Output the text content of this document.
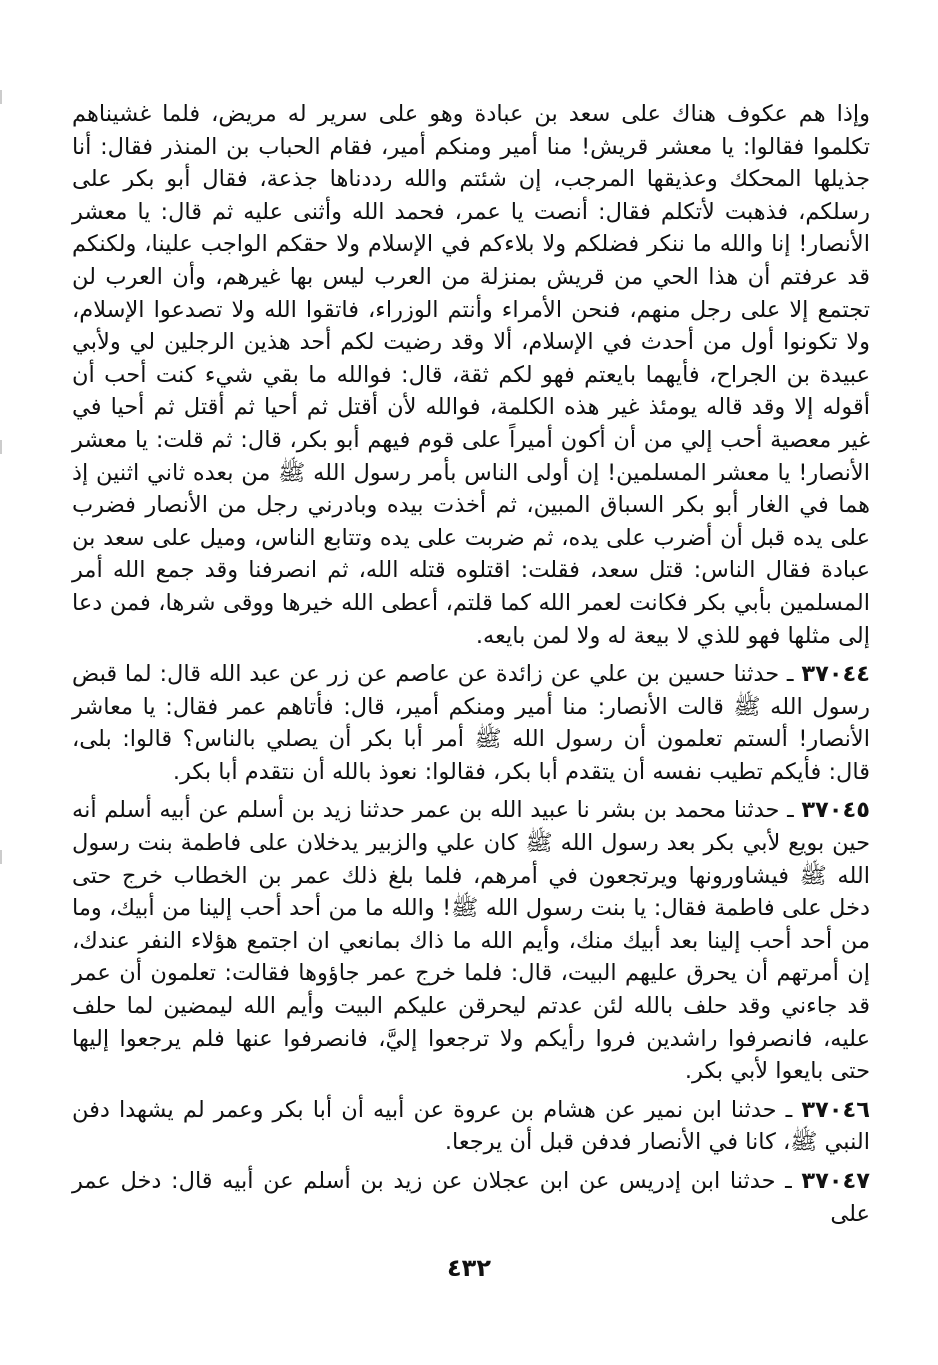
وإذا هم عكوف هناك على سعد بن عبادة وهو على سرير له مريض، فلما غشيناهم تكلموا فقالوا: يا معشر قريش! منا أمير ومنكم أمير، فقام الحباب بن المنذر فقال: أنا جذيلها المحكك وعذيقها المرجب، إن شئتم والله رددناها جذعة، فقال أبو بكر على رسلكم، فذهبت لأتكلم فقال: أنصت يا عمر، فحمد الله وأثنى عليه ثم قال: يا معشر الأنصار! إنا والله ما ننكر فضلكم ولا بلاءكم في الإسلام ولا حقكم الواجب علينا، ولكنكم قد عرفتم أن هذا الحي من قريش بمنزلة من العرب ليس بها غيرهم، وأن العرب لن تجتمع إلا على رجل منهم، فنحن الأمراء وأنتم الوزراء، فاتقوا الله ولا تصدعوا الإسلام، ولا تكونوا أول من أحدث في الإسلام، ألا وقد رضيت لكم أحد هذين الرجلين لي ولأبي عبيدة بن الجراح، فأيهما بايعتم فهو لكم ثقة، قال: فوالله ما بقي شيء كنت أحب أن أقوله إلا وقد قاله يومئذ غير هذه الكلمة، فوالله لأن أقتل ثم أحيا ثم أقتل ثم أحيا في غير معصية أحب إلي من أن أكون أميراً على قوم فيهم أبو بكر، قال: ثم قلت: يا معشر الأنصار! يا معشر المسلمين! إن أولى الناس بأمر رسول الله ﷺ من بعده ثاني اثنين إذ هما في الغار أبو بكر السباق المبين، ثم أخذت بيده وبادرني رجل من الأنصار فضرب على يده قبل أن أضرب على يده، ثم ضربت على يده وتتابع الناس، وميل على سعد بن عبادة فقال الناس: قتل سعد، فقلت: اقتلوه قتله الله، ثم انصرفنا وقد جمع الله أمر المسلمين بأبي بكر فكانت لعمر الله كما قلتم، أعطى الله خيرها ووقى شرها، فمن دعا إلى مثلها فهو للذي لا بيعة له ولا لمن بايعه.

٣٧٠٤٤ ـ حدثنا حسين بن علي عن زائدة عن عاصم عن زر عن عبد الله قال: لما قبض رسول الله ﷺ قالت الأنصار: منا أمير ومنكم أمير، قال: فأتاهم عمر فقال: يا معاشر الأنصار! ألستم تعلمون أن رسول الله ﷺ أمر أبا بكر أن يصلي بالناس؟ قالوا: بلى، قال: فأيكم تطيب نفسه أن يتقدم أبا بكر، فقالوا: نعوذ بالله أن نتقدم أبا بكر.

٣٧٠٤٥ ـ حدثنا محمد بن بشر نا عبيد الله بن عمر حدثنا زيد بن أسلم عن أبيه أسلم أنه حين بويع لأبي بكر بعد رسول الله ﷺ كان علي والزبير يدخلان على فاطمة بنت رسول الله ﷺ فيشاورونها ويرتجعون في أمرهم، فلما بلغ ذلك عمر بن الخطاب خرج حتى دخل على فاطمة فقال: يا بنت رسول الله ﷺ! والله ما من أحد أحب إلينا من أبيك، وما من أحد أحب إلينا بعد أبيك منك، وأيم الله ما ذاك بمانعي ان اجتمع هؤلاء النفر عندك، إن أمرتهم أن يحرق عليهم البيت، قال: فلما خرج عمر جاؤوها فقالت: تعلمون أن عمر قد جاءني وقد حلف بالله لئن عدتم ليحرقن عليكم البيت وأيم الله ليمضين لما حلف عليه، فانصرفوا راشدين فروا رأيكم ولا ترجعوا إليَّ، فانصرفوا عنها فلم يرجعوا إليها حتى بايعوا لأبي بكر.

٣٧٠٤٦ ـ حدثنا ابن نمير عن هشام بن عروة عن أبيه أن أبا بكر وعمر لم يشهدا دفن النبي ﷺ، كانا في الأنصار فدفن قبل أن يرجعا.

٣٧٠٤٧ ـ حدثنا ابن إدريس عن ابن عجلان عن زيد بن أسلم عن أبيه قال: دخل عمر على

٤٣٢
